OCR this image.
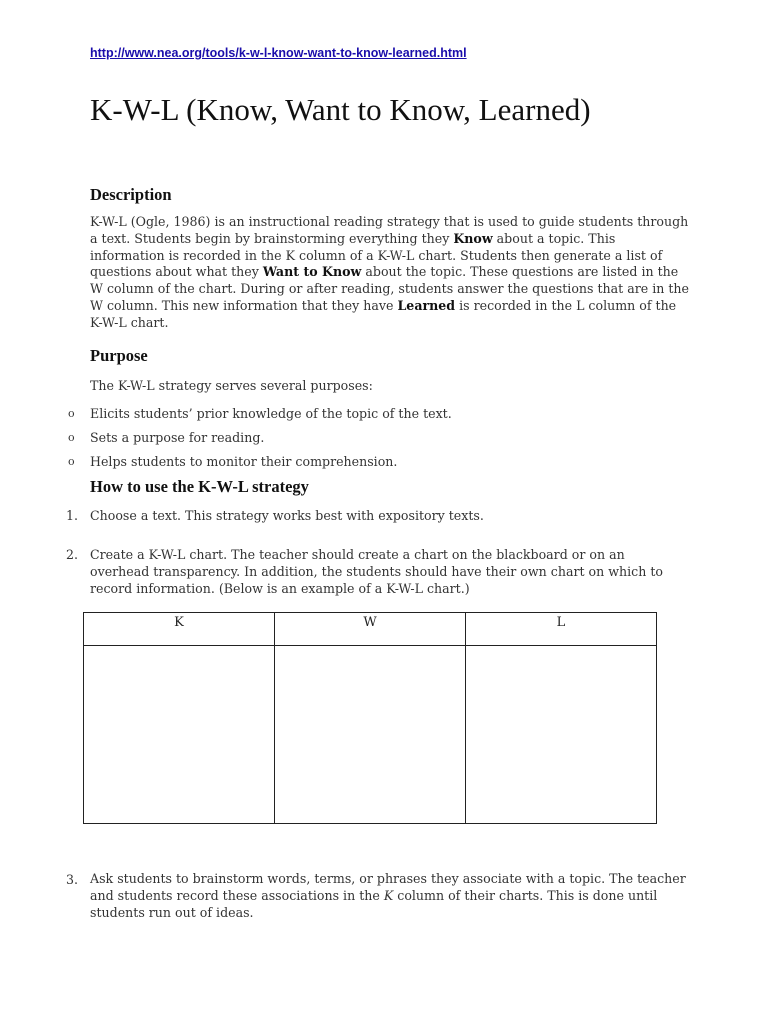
http://www.nea.org/tools/k-w-l-know-want-to-know-learned.html
K-W-L (Know, Want to Know, Learned)
Description

K-W-L (Ogle, 1986) is an instructional reading strategy that is used to guide students through a text. Students begin by brainstorming everything they Know about a topic. This information is recorded in the K column of a K-W-L chart. Students then generate a list of questions about what they Want to Know about the topic. These questions are listed in the W column of the chart. During or after reading, students answer the questions that are in the W column. This new information that they have Learned is recorded in the L column of the K-W-L chart.

Purpose
The K-W-L strategy serves several purposes:
o Elicits students’ prior knowledge of the topic of the text.
o Sets a purpose for reading.
o Helps students to monitor their comprehension.
How to use the K-W-L strategy
1. Choose a text. This strategy works best with expository texts.
2. Create a K-W-L chart. The teacher should create a chart on the blackboard or on an
overhead transparency. In addition, the students should have their own chart on which to
record information. (Below is an example of a K-W-L chart.)
K	W	L

3. Ask students to brainstorm words, terms, or phrases they associate with a topic. The teacher
and students record these associations in the K column of their charts. This is done until
students run out of ideas.
